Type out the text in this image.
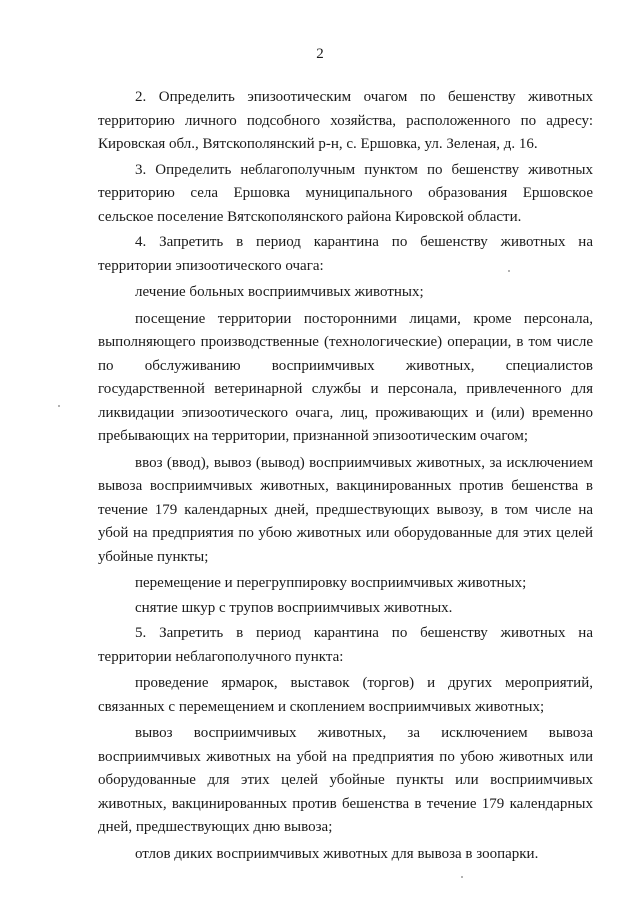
2

2. Определить эпизоотическим очагом по бешенству животных территорию личного подсобного хозяйства, расположенного по адресу: Кировская обл., Вятскополянский р-н, с. Ершовка, ул. Зеленая, д. 16.

3. Определить неблагополучным пунктом по бешенству животных территорию села Ершовка муниципального образования Ершовское сельское поселение Вятскополянского района Кировской области.

4. Запретить в период карантина по бешенству животных на территории эпизоотического очага:

лечение больных восприимчивых животных;

посещение территории посторонними лицами, кроме персонала, выполняющего производственные (технологические) операции, в том числе по обслуживанию восприимчивых животных, специалистов государственной ветеринарной службы и персонала, привлеченного для ликвидации эпизоотического очага, лиц, проживающих и (или) временно пребывающих на территории, признанной эпизоотическим очагом;

ввоз (ввод), вывоз (вывод) восприимчивых животных, за исключением вывоза восприимчивых животных, вакцинированных против бешенства в течение 179 календарных дней, предшествующих вывозу, в том числе на убой на предприятия по убою животных или оборудованные для этих целей убойные пункты;

перемещение и перегруппировку восприимчивых животных;

снятие шкур с трупов восприимчивых животных.

5. Запретить в период карантина по бешенству животных на территории неблагополучного пункта:

проведение ярмарок, выставок (торгов) и других мероприятий, связанных с перемещением и скоплением восприимчивых животных;

вывоз восприимчивых животных, за исключением вывоза восприимчивых животных на убой на предприятия по убою животных или оборудованные для этих целей убойные пункты или восприимчивых животных, вакцинированных против бешенства в течение 179 календарных дней, предшествующих дню вывоза;

отлов диких восприимчивых животных для вывоза в зоопарки.
